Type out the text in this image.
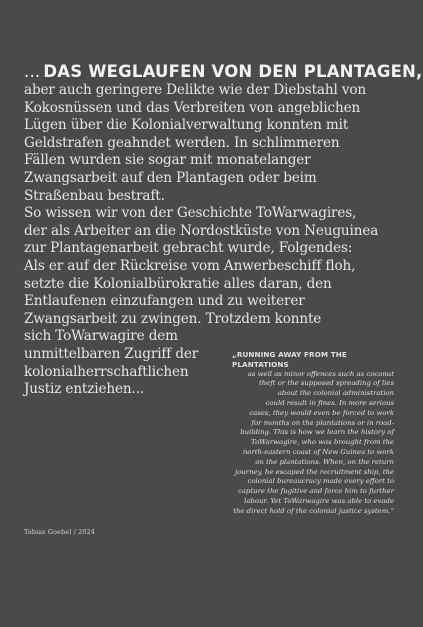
... DAS WEGLAUFEN VON DEN PLANTAGEN,
aber auch geringere Delikte wie der Diebstahl von
Kokosnüssen und das Verbreiten von angeblichen
Lügen über die Kolonialverwaltung konnten mit
Geldstrafen geahndet werden. In schlimmeren
Fällen wurden sie sogar mit monatelanger
Zwangsarbeit auf den Plantagen oder beim
Straßenbau bestraft.
So wissen wir von der Geschichte ToWarwagires,
der als Arbeiter an die Nordostküste von Neuguinea
zur Plantagenarbeit gebracht wurde, Folgendes:
Als er auf der Rückreise vom Anwerbeschiff floh,
setzte die Kolonialbürokratie alles daran, den
Entlaufenen einzufangen und zu weiterer
Zwangsarbeit zu zwingen. Trotzdem konnte
sich ToWarwagire dem
unmittelbaren Zugriff der
kolonialherrschaftlichen
Justiz entziehen...
„RUNNING AWAY FROM THE PLANTATIONS
as well as minor offences such as coconut
theft or the supposed spreading of lies
about the colonial administration
could result in fines. In more serious
cases, they would even be forced to work
for months on the plantations or in road-
building. This is how we learn the history of
ToWarwagire, who was brought from the
north-eastern coast of New Guinea to work
on the plantations. When, on the return
journey, he escaped the recruitment ship, the
colonial bureaucracy made every effort to
capture the fugitive and force him to further
labour. Yet ToWarwagire was able to evade
the direct hold of the colonial justice system.“
Tobias Goebel / 2024
